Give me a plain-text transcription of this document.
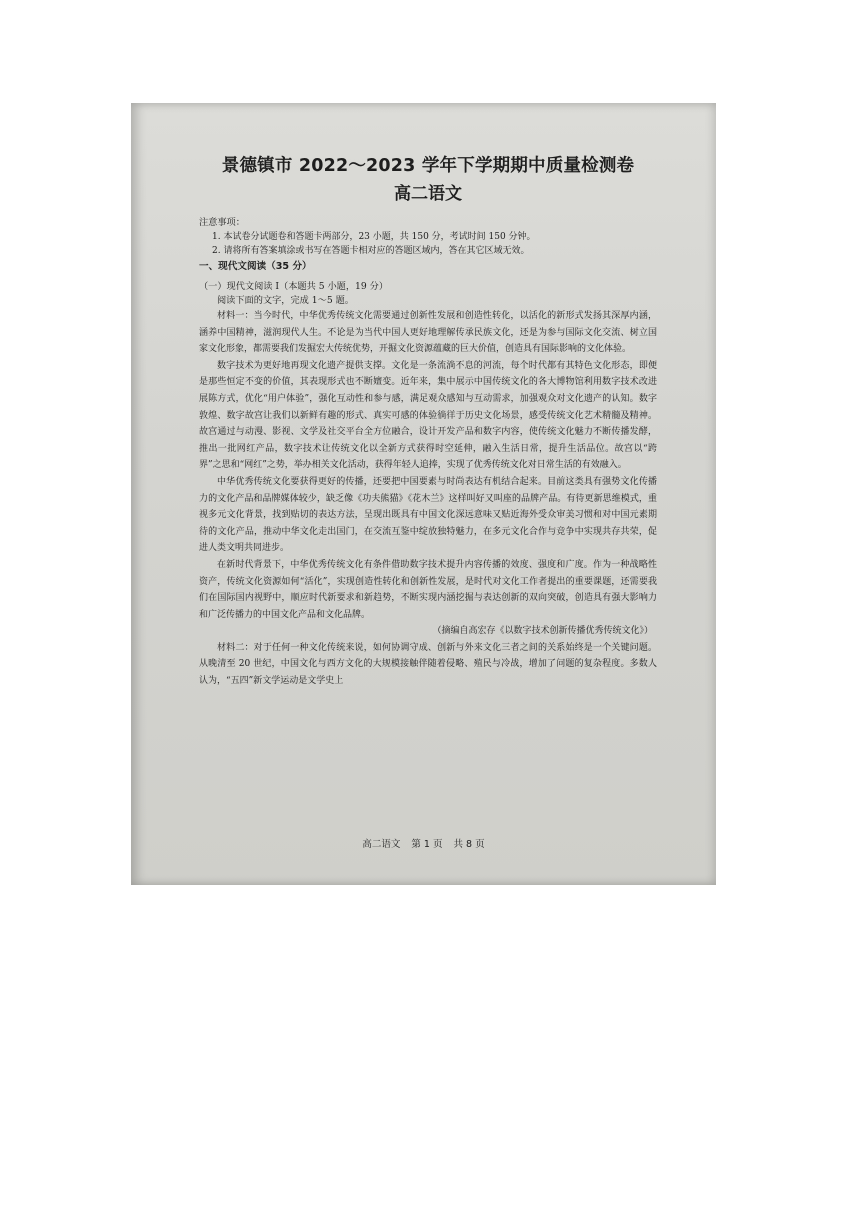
景德镇市 2022～2023 学年下学期期中质量检测卷
高二语文
注意事项：
1. 本试卷分试题卷和答题卡两部分，23 小题，共 150 分，考试时间 150 分钟。
2. 请将所有答案填涂或书写在答题卡相对应的答题区域内，答在其它区域无效。
一、现代文阅读（35 分）
（一）现代文阅读 I（本题共 5 小题，19 分）
阅读下面的文字，完成 1～5 题。

材料一：当今时代，中华优秀传统文化需要通过创新性发展和创造性转化，以活化的新形式发扬其深厚内涵，涵养中国精神，滋润现代人生。不论是为当代中国人更好地理解传承民族文化，还是为参与国际文化交流、树立国家文化形象，都需要我们发掘宏大传统优势，开掘文化资源蕴藏的巨大价值，创造具有国际影响的文化体验。

数字技术为更好地再现文化遗产提供支撑。文化是一条流淌不息的河流，每个时代都有其特色文化形态，即便是那些恒定不变的价值，其表现形式也不断嬗变。近年来，集中展示中国传统文化的各大博物馆利用数字技术改进展陈方式，优化“用户体验”，强化互动性和参与感，满足观众感知与互动需求，加强观众对文化遗产的认知。数字敦煌、数字故宫让我们以新鲜有趣的形式、真实可感的体验徜徉于历史文化场景，感受传统文化艺术精髓及精神。故宫通过与动漫、影视、文学及社交平台全方位融合，设计开发产品和数字内容，使传统文化魅力不断传播发酵，推出一批网红产品，数字技术让传统文化以全新方式获得时空延伸，融入生活日常，提升生活品位。故宫以“跨界”之思和“网红”之势，举办相关文化活动，获得年轻人追捧，实现了优秀传统文化对日常生活的有效融入。

中华优秀传统文化要获得更好的传播，还要把中国要素与时尚表达有机结合起来。目前这类具有强势文化传播力的文化产品和品牌媒体较少，缺乏像《功夫熊猫》《花木兰》这样叫好又叫座的品牌产品。有待更新思维模式，重视多元文化背景，找到贴切的表达方法，呈现出既具有中国文化深远意味又贴近海外受众审美习惯和对中国元素期待的文化产品，推动中华文化走出国门，在交流互鉴中绽放独特魅力，在多元文化合作与竞争中实现共存共荣，促进人类文明共同进步。

在新时代背景下，中华优秀传统文化有条件借助数字技术提升内容传播的效度、强度和广度。作为一种战略性资产，传统文化资源如何“活化”，实现创造性转化和创新性发展，是时代对文化工作者提出的重要课题，还需要我们在国际国内视野中，顺应时代新要求和新趋势，不断实现内涵挖掘与表达创新的双向突破，创造具有强大影响力和广泛传播力的中国文化产品和文化品牌。

（摘编自高宏存《以数字技术创新传播优秀传统文化》）

材料二：对于任何一种文化传统来说，如何协调守成、创新与外来文化三者之间的关系始终是一个关键问题。从晚清至 20 世纪，中国文化与西方文化的大规模接触伴随着侵略、殖民与冷战，增加了问题的复杂程度。多数人认为，“五四”新文学运动是文学史上

高二语文 第 1 页 共 8 页
